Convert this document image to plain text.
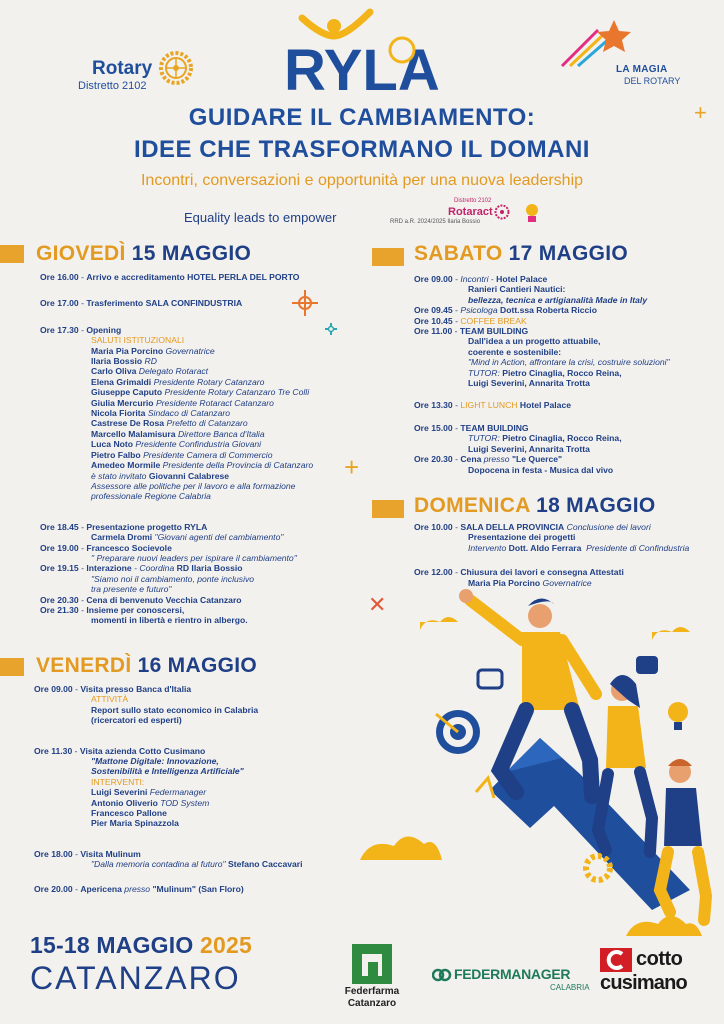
Rotary
Distretto 2102 RYLA	LA MAGIA
DEL ROTARY
+
GUIDARE IL CAMBIAMENTO:
IDEE CHE TRASFORMANO IL DOMANI
Incontri, conversazioni e opportunità per una nuova leadership
Equality leads to empower
Distretto 2102
Rotaract
RRD a.R. 2024/2025 Ilaria Bossio
GIOVEDÌ 15 MAGGIO
Ore 16.00 - Arrivo e accreditamento HOTEL PERLA DEL PORTO
Ore 17.00 - Trasferimento SALA CONFINDUSTRIA
Ore 17.30 - Opening
SALUTI ISTITUZIONALI
Maria Pia Porcino Governatrice
Ilaria Bossio RD
Carlo Oliva Delegato Rotaract
Elena Grimaldi Presidente Rotary Catanzaro
Giuseppe Caputo Presidente Rotary Catanzaro Tre Colli
Giulia Mercurio Presidente Rotaract Catanzaro
Nicola Fiorita Sindaco di Catanzaro
Castrese De Rosa Prefetto di Catanzaro
Marcello Malamisura Direttore Banca d'Italia
Luca Noto Presidente Confindustria Giovani
Pietro Falbo Presidente Camera di Commercio
Amedeo Mormile Presidente della Provincia di Catanzaro
è stato invitato Giovanni Calabrese
Assessore alle politiche per il lavoro e alla formazione
professionale Regione Calabria
Ore 18.45 - Presentazione progetto RYLA
Carmela Dromi "Giovani agenti del cambiamento"
Ore 19.00 - Francesco Socievole
" Preparare nuovi leaders per ispirare il cambiamento"
Ore 19.15 - Interazione - Coordina RD Ilaria Bossio
"Siamo noi il cambiamento, ponte inclusivo
tra presente e futuro"
Ore 20.30 - Cena di benvenuto Vecchia Catanzaro
Ore 21.30 - Insieme per conoscersi,
momenti in libertà e rientro in albergo.
+
✕
VENERDÌ 16 MAGGIO
Ore 09.00 - Visita presso Banca d'Italia
ATTIVITÀ
Report sullo stato economico in Calabria
(ricercatori ed esperti)
Ore 11.30 - Visita azienda Cotto Cusimano
"Mattone Digitale: Innovazione,
Sostenibilità e Intelligenza Artificiale"
INTERVENTI:
Luigi Severini Federmanager
Antonio Oliverio TOD System
Francesco Pallone
Pier Maria Spinazzola
Ore 18.00 - Visita Mulinum
"Dalla memoria contadina al futuro" Stefano Caccavari
Ore 20.00 - Apericena presso "Mulinum" (San Floro)
SABATO 17 MAGGIO
Ore 09.00 - Incontri - Hotel Palace
Ranieri Cantieri Nautici:
bellezza, tecnica e artigianalità Made in Italy
Ore 09.45 - Psicologa Dott.ssa Roberta Riccio
Ore 10.45 - COFFEE BREAK
Ore 11.00 - TEAM BUILDING
Dall'idea a un progetto attuabile,
coerente e sostenibile:
"Mind in Action, affrontare la crisi, costruire soluzioni"
TUTOR: Pietro Cinaglia, Rocco Reina,
Luigi Severini, Annarita Trotta
Ore 13.30 - LIGHT LUNCH Hotel Palace
Ore 15.00 - TEAM BUILDING
TUTOR: Pietro Cinaglia, Rocco Reina,
Luigi Severini, Annarita Trotta
Ore 20.30 - Cena presso "Le Querce"
Dopocena in festa - Musica dal vivo
DOMENICA 18 MAGGIO
Ore 10.00 - SALA DELLA PROVINCIA Conclusione dei lavori
Presentazione dei progetti
Intervento Dott. Aldo Ferrara Presidente di Confindustria
Ore 12.00 - Chiusura dei lavori e consegna Attestati
Maria Pia Porcino Governatrice
15-18 MAGGIO 2025
CATANZARO	Federfarma
Catanzaro
FEDERMANAGER
CALABRIA
cotto
cusimano
